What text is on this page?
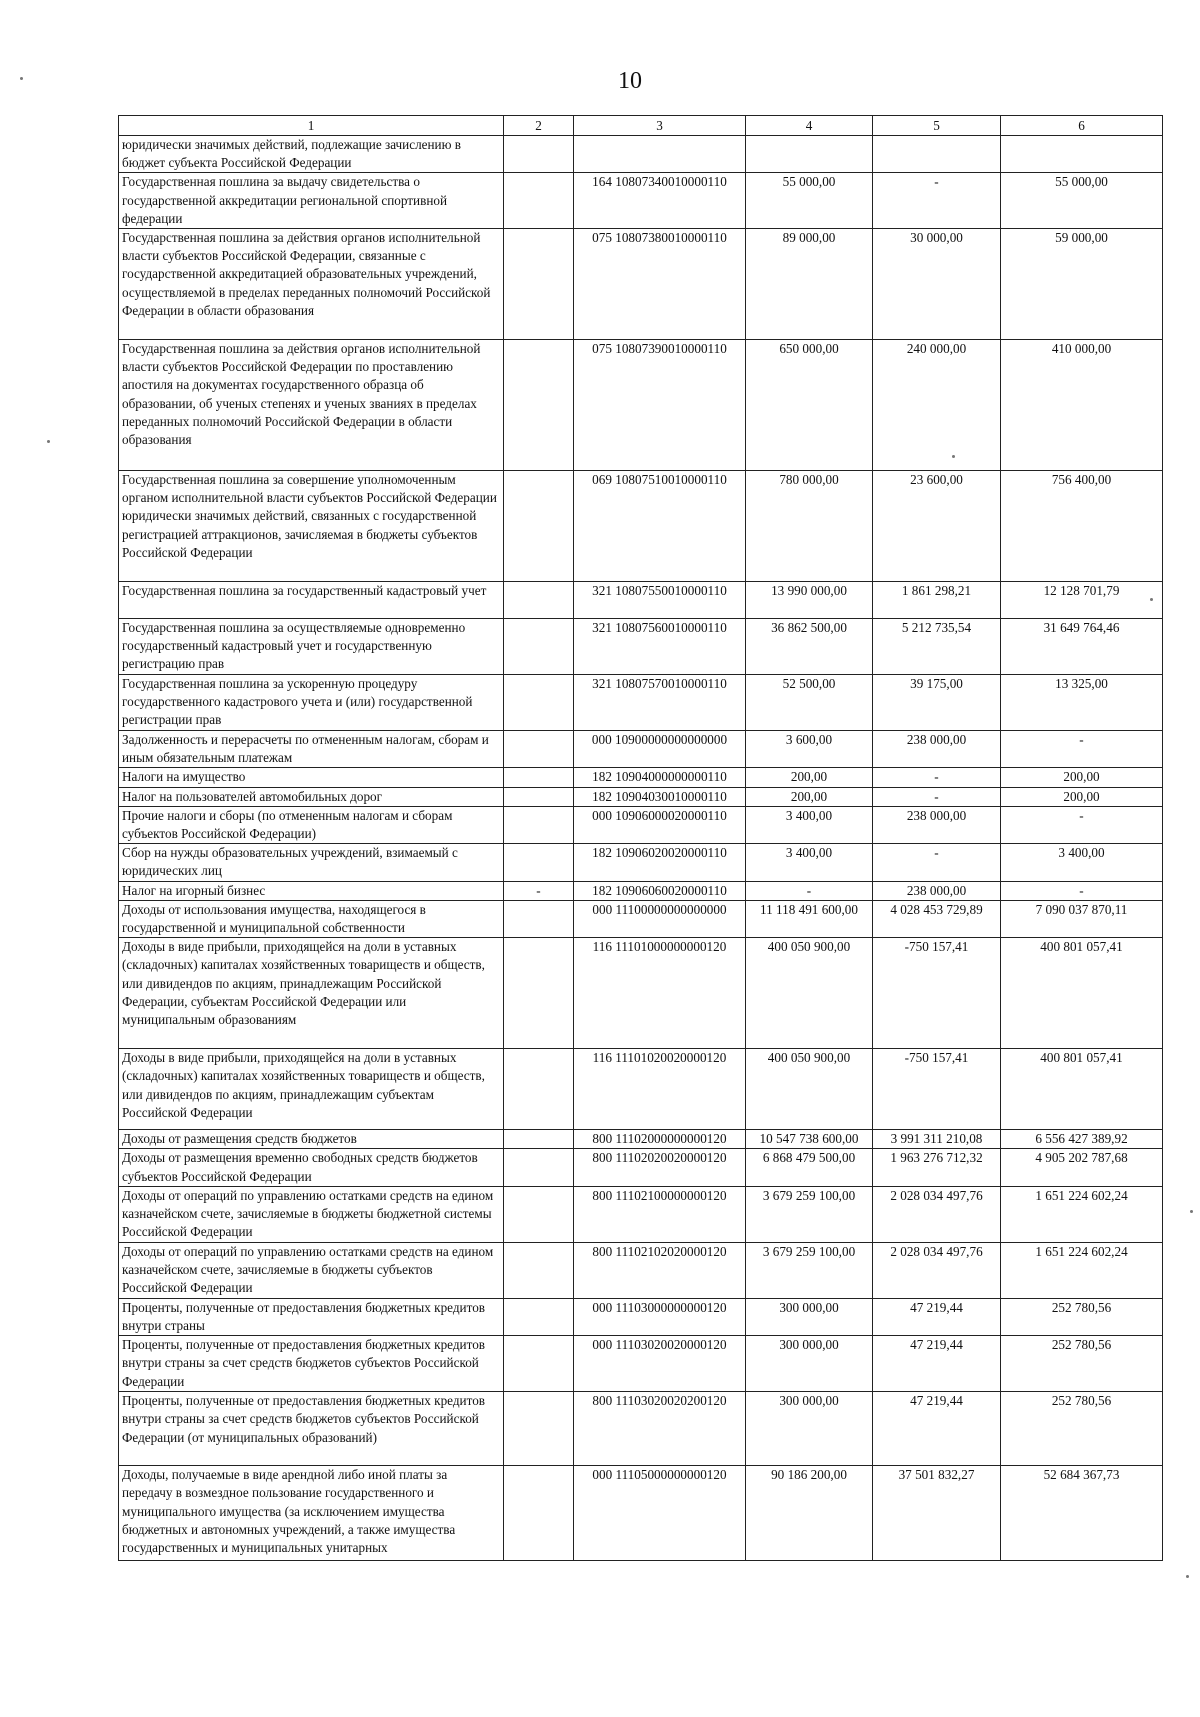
10
1	2	3	4	5	6
юридически значимых действий, подлежащие зачислению в бюджет субъекта Российской Федерации					
Государственная пошлина за выдачу свидетельства о государственной аккредитации региональной спортивной федерации		164 10807340010000110	55 000,00	-	55 000,00
Государственная пошлина за действия органов исполнительной власти субъектов Российской Федерации, связанные с государственной аккредитацией образовательных учреждений, осуществляемой в пределах переданных полномочий Российской Федерации в области образования		075 10807380010000110	89 000,00	30 000,00	59 000,00
Государственная пошлина за действия органов исполнительной власти субъектов Российской Федерации по проставлению апостиля на документах государственного образца об образовании, об ученых степенях и ученых званиях в пределах переданных полномочий Российской Федерации в области образования		075 10807390010000110	650 000,00	240 000,00	410 000,00
Государственная пошлина за совершение уполномоченным органом исполнительной власти субъектов Российской Федерации юридически значимых действий, связанных с государственной регистрацией аттракционов, зачисляемая в бюджеты субъектов Российской Федерации		069 10807510010000110	780 000,00	23 600,00	756 400,00
Государственная пошлина за государственный кадастровый учет		321 10807550010000110	13 990 000,00	1 861 298,21	12 128 701,79
Государственная пошлина за осуществляемые одновременно государственный кадастровый учет и государственную регистрацию прав		321 10807560010000110	36 862 500,00	5 212 735,54	31 649 764,46
Государственная пошлина за ускоренную процедуру государственного кадастрового учета и (или) государственной регистрации прав		321 10807570010000110	52 500,00	39 175,00	13 325,00
Задолженность и перерасчеты по отмененным налогам, сборам и иным обязательным платежам		000 10900000000000000	3 600,00	238 000,00	-
Налоги на имущество		182 10904000000000110	200,00	-	200,00
Налог на пользователей автомобильных дорог		182 10904030010000110	200,00	-	200,00
Прочие налоги и сборы (по отмененным налогам и сборам субъектов Российской Федерации)		000 10906000020000110	3 400,00	238 000,00	-
Сбор на нужды образовательных учреждений, взимаемый с юридических лиц		182 10906020020000110	3 400,00	-	3 400,00
Налог на игорный бизнес	-	182 10906060020000110	-	238 000,00	-
Доходы от использования имущества, находящегося в государственной и муниципальной собственности		000 11100000000000000	11 118 491 600,00	4 028 453 729,89	7 090 037 870,11
Доходы в виде прибыли, приходящейся на доли в уставных (складочных) капиталах хозяйственных товариществ и обществ, или дивидендов по акциям, принадлежащим Российской Федерации, субъектам Российской Федерации или муниципальным образованиям		116 11101000000000120	400 050 900,00	-750 157,41	400 801 057,41
Доходы в виде прибыли, приходящейся на доли в уставных (складочных) капиталах хозяйственных товариществ и обществ, или дивидендов по акциям, принадлежащим субъектам Российской Федерации		116 11101020020000120	400 050 900,00	-750 157,41	400 801 057,41
Доходы от размещения средств бюджетов		800 11102000000000120	10 547 738 600,00	3 991 311 210,08	6 556 427 389,92
Доходы от размещения временно свободных средств бюджетов субъектов Российской Федерации		800 11102020020000120	6 868 479 500,00	1 963 276 712,32	4 905 202 787,68
Доходы от операций по управлению остатками средств на едином казначейском счете, зачисляемые в бюджеты бюджетной системы Российской Федерации		800 11102100000000120	3 679 259 100,00	2 028 034 497,76	1 651 224 602,24
Доходы от операций по управлению остатками средств на едином казначейском счете, зачисляемые в бюджеты субъектов Российской Федерации		800 11102102020000120	3 679 259 100,00	2 028 034 497,76	1 651 224 602,24
Проценты, полученные от предоставления бюджетных кредитов внутри страны		000 11103000000000120	300 000,00	47 219,44	252 780,56
Проценты, полученные от предоставления бюджетных кредитов внутри страны за счет средств бюджетов субъектов Российской Федерации		000 11103020020000120	300 000,00	47 219,44	252 780,56
Проценты, полученные от предоставления бюджетных кредитов внутри страны за счет средств бюджетов субъектов Российской Федерации (от муниципальных образований)		800 11103020020200120	300 000,00	47 219,44	252 780,56
Доходы, получаемые в виде арендной либо иной платы за передачу в возмездное пользование государственного и муниципального имущества (за исключением имущества бюджетных и автономных учреждений, а также имущества государственных и муниципальных унитарных		000 11105000000000120	90 186 200,00	37 501 832,27	52 684 367,73
